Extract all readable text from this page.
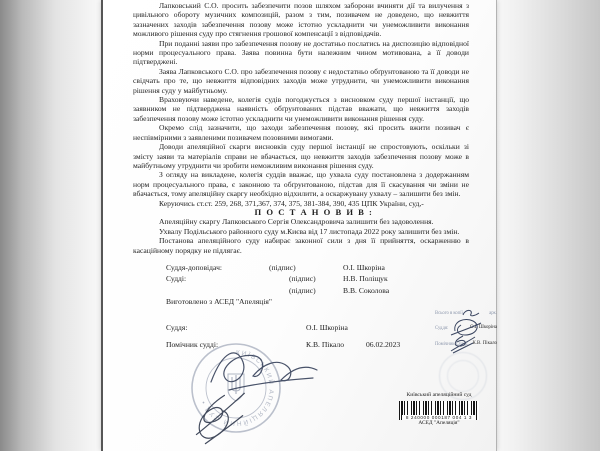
Лапковський С.О. просить забезпечити позов шляхом заборони вчиняти дії та вилучення з цивільного обороту музичних композицій, разом з тим, позивачем не доведено, що невжиття зазначених заходів забезпечення позову може істотно ускладнити чи унеможливити виконання можливого рішення суду про стягнення грошової компенсації з відповідачів.

При поданні заяви про забезпечення позову не достатньо послатись на диспозицію відповідної норми процесуального права. Заява повинна бути належним чином мотивована, а її доводи підтверджені.

Заява Лапковського С.О. про забезпечення позову є недостатньо обґрунтованою та її доводи не свідчать про те, що невжиття відповідних заходів може утруднити, чи унеможливити виконання рішення суду у майбутньому.

Враховуючи наведене, колегія судів погоджується з висновком суду першої інстанції, що заявником не підтверджена наявність обґрунтованих підстав вважати, що невжиття заходів забезпечення позову може істотно ускладнити чи унеможливити виконання рішення суду.

Окремо слід зазначити, що заходи забезпечення позову, які просить вжити позивач є неспівмірними з заявленими позивачем позовними вимогами.

Доводи апеляційної скарги висновків суду першої інстанції не спростовують, оскільки зі змісту заяви та матеріалів справи не вбачається, що невжиття заходів забезпечення позову може в майбутньому утруднити чи зробити неможливим виконання рішення суду.

З огляду на викладене, колегія суддів вважає, що ухвала суду постановлена з додержанням норм процесуального права, є законною та обґрунтованою, підстав для її скасування чи зміни не вбачається, тому апеляційну скаргу необхідно відхилити, а оскаржувану ухвалу – залишити без змін.

Керуючись ст.ст. 259, 268, 371,367, 374, 375, 381-384, 390, 435 ЦПК України, суд,-

П О С Т А Н О В И В :

Апеляційну скаргу Лапковського Сергія Олександровича залишити без задоволення.

Ухвалу Подільського районного суду м.Києва від 17 листопада 2022 року залишити без змін.

Постанова апеляційного суду набирає законної сили з дня її прийняття, оскарженню в касаційному порядку не підлягає.

Суддя-доповідач:	(підпис)	О.І. Шкоріна
Судді:	(підпис)	Н.В. Поліщук
(підпис)	В.В. Соколова
Виготовлено з АСЕД "Апеляція"
Суддя:	О.І. Шкоріна
Помічник судді:	К.В. Пікало	06.02.2023
КИЇВСЬКИЙ АПЕЛЯЦІЙНИЙ СУД •
Всього в копії	арк.
Суддя:	О.І. Шкоріна
Помічник Судді: К.В. Пікало
Київський апеляційний суд
8 240000 000187 004 1 3
АСЕД "Апеляція"
